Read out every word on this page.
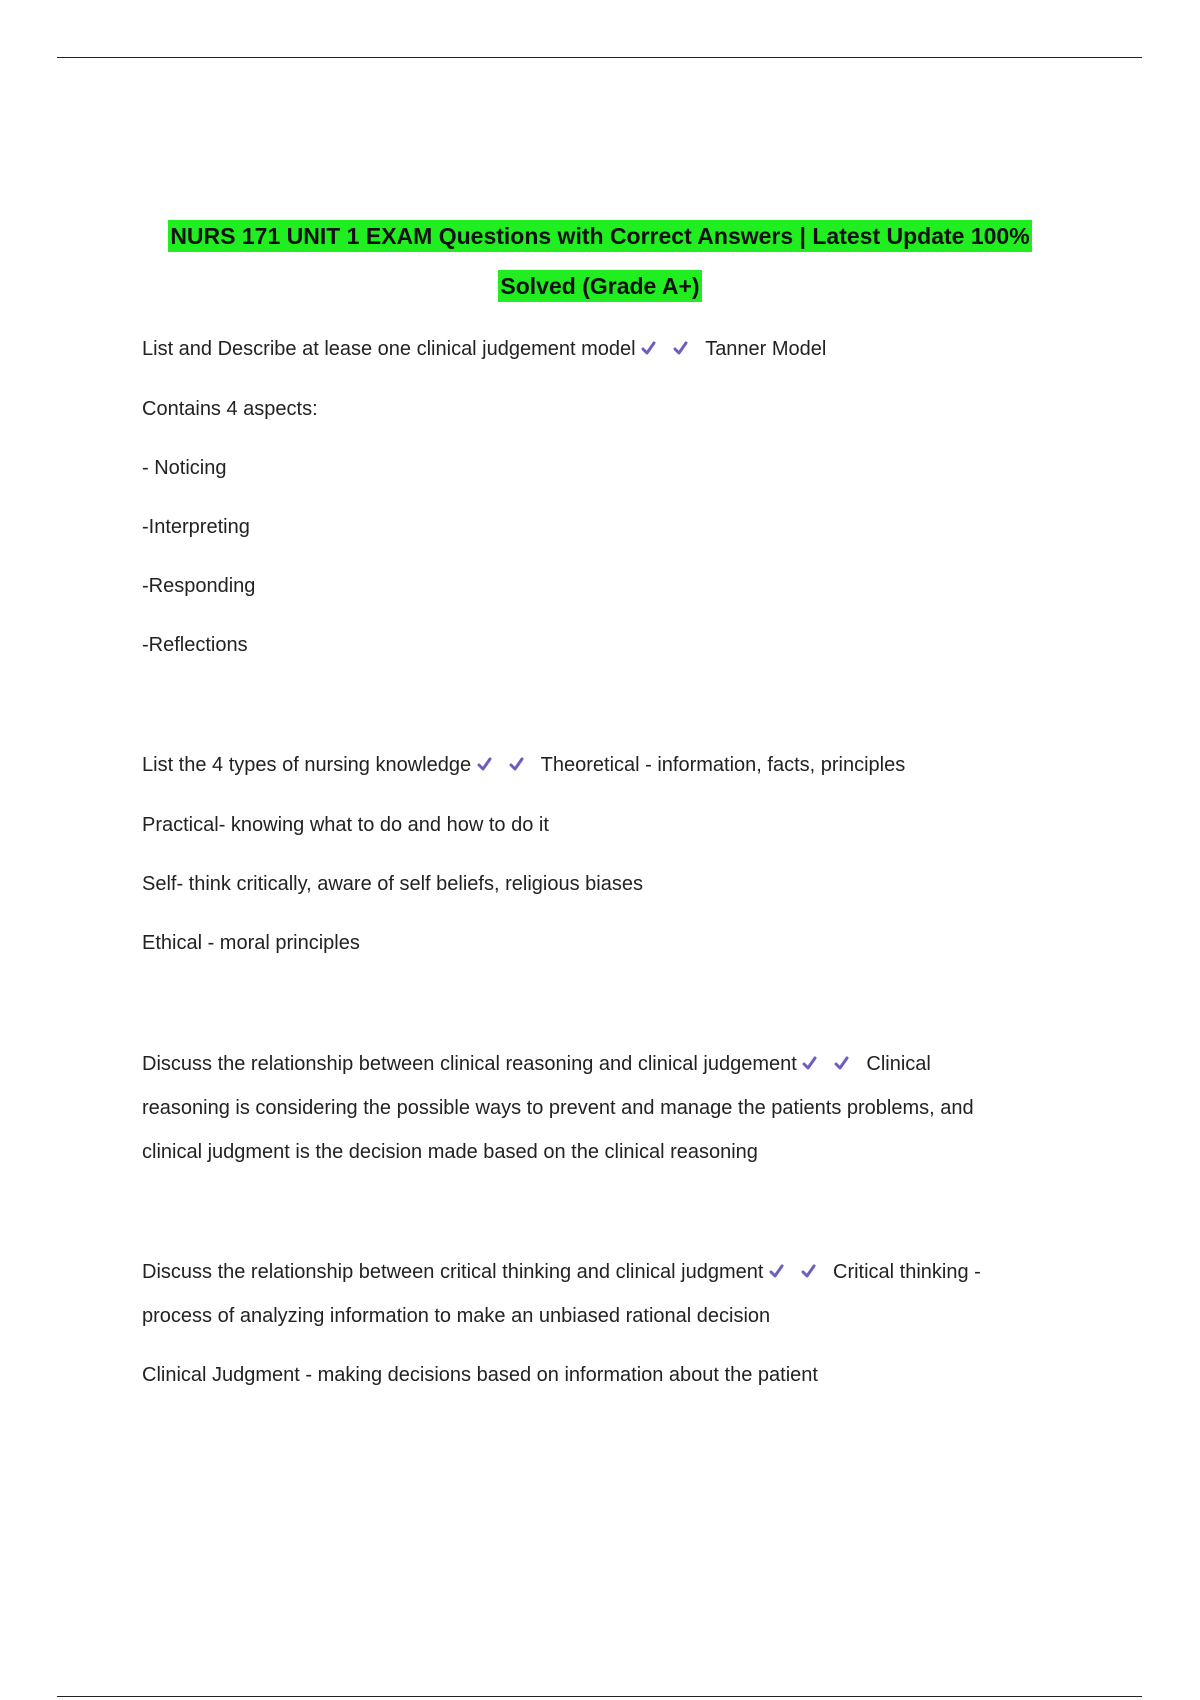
NURS 171 UNIT 1 EXAM Questions with Correct Answers | Latest Update 100%
Solved (Grade A+)
List and Describe at lease one clinical judgement model	Tanner Model
Contains 4 aspects:
- Noticing
-Interpreting
-Responding
-Reflections
List the 4 types of nursing knowledge	Theoretical - information, facts, principles
Practical- knowing what to do and how to do it
Self- think critically, aware of self beliefs, religious biases
Ethical - moral principles
Discuss the relationship between clinical reasoning and clinical judgement	Clinical
reasoning is considering the possible ways to prevent and manage the patients problems, and
clinical judgment is the decision made based on the clinical reasoning
Discuss the relationship between critical thinking and clinical judgment	Critical thinking -
process of analyzing information to make an unbiased rational decision
Clinical Judgment - making decisions based on information about the patient
